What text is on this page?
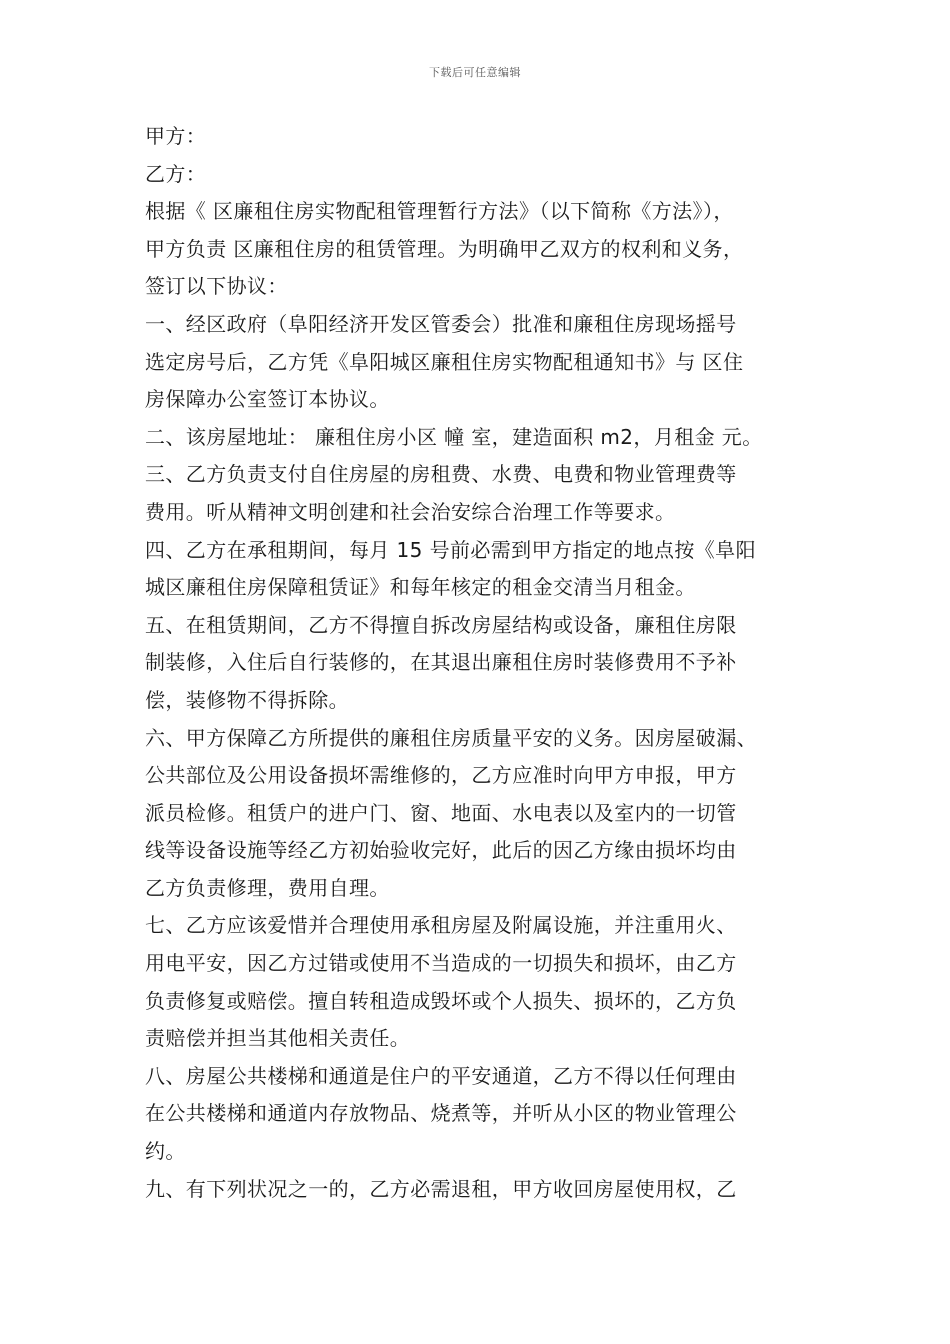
下载后可任意编辑
甲方：
乙方：
根据《 区廉租住房实物配租管理暂行方法》（以下简称《方法》），
甲方负责 区廉租住房的租赁管理。为明确甲乙双方的权利和义务，
签订以下协议：
一、经区政府（阜阳经济开发区管委会）批准和廉租住房现场摇号
选定房号后，乙方凭《阜阳城区廉租住房实物配租通知书》与 区住
房保障办公室签订本协议。
二、该房屋地址： 廉租住房小区 幢 室，建造面积 m2，月租金 元。
三、乙方负责支付自住房屋的房租费、水费、电费和物业管理费等
费用。听从精神文明创建和社会治安综合治理工作等要求。
四、乙方在承租期间，每月 15 号前必需到甲方指定的地点按《阜阳
城区廉租住房保障租赁证》和每年核定的租金交清当月租金。
五、在租赁期间，乙方不得擅自拆改房屋结构或设备，廉租住房限
制装修，入住后自行装修的，在其退出廉租住房时装修费用不予补
偿，装修物不得拆除。
六、甲方保障乙方所提供的廉租住房质量平安的义务。因房屋破漏、
公共部位及公用设备损坏需维修的，乙方应准时向甲方申报，甲方
派员检修。租赁户的进户门、窗、地面、水电表以及室内的一切管
线等设备设施等经乙方初始验收完好，此后的因乙方缘由损坏均由
乙方负责修理，费用自理。
七、乙方应该爱惜并合理使用承租房屋及附属设施，并注重用火、
用电平安，因乙方过错或使用不当造成的一切损失和损坏，由乙方
负责修复或赔偿。擅自转租造成毁坏或个人损失、损坏的，乙方负
责赔偿并担当其他相关责任。
八、房屋公共楼梯和通道是住户的平安通道，乙方不得以任何理由
在公共楼梯和通道内存放物品、烧煮等，并听从小区的物业管理公
约。
九、有下列状况之一的，乙方必需退租，甲方收回房屋使用权，乙
